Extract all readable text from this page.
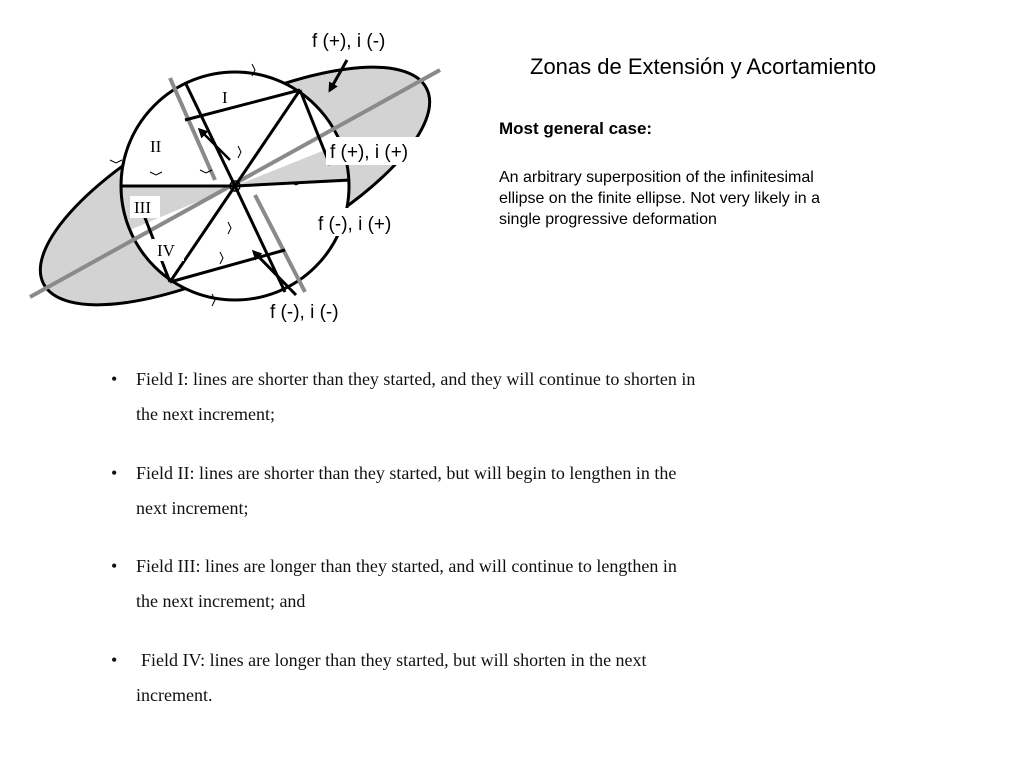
I
II
III
IV
f (+), i (-)
f (+), i (+)
f (-), i (+)
f (-), i (-)
Zonas de Extensión y Acortamiento
Most general case:
An arbitrary superposition of the infinitesimal
ellipse on the finite ellipse. Not very likely in a
single progressive deformation
• Field I: lines are shorter than they started, and they will continue to shorten in
the next increment;
• Field II: lines are shorter than they started, but will begin to lengthen in the
next increment;
• Field III: lines are longer than they started, and will continue to lengthen in
the next increment; and
• Field IV: lines are longer than they started, but will shorten in the next
increment.
